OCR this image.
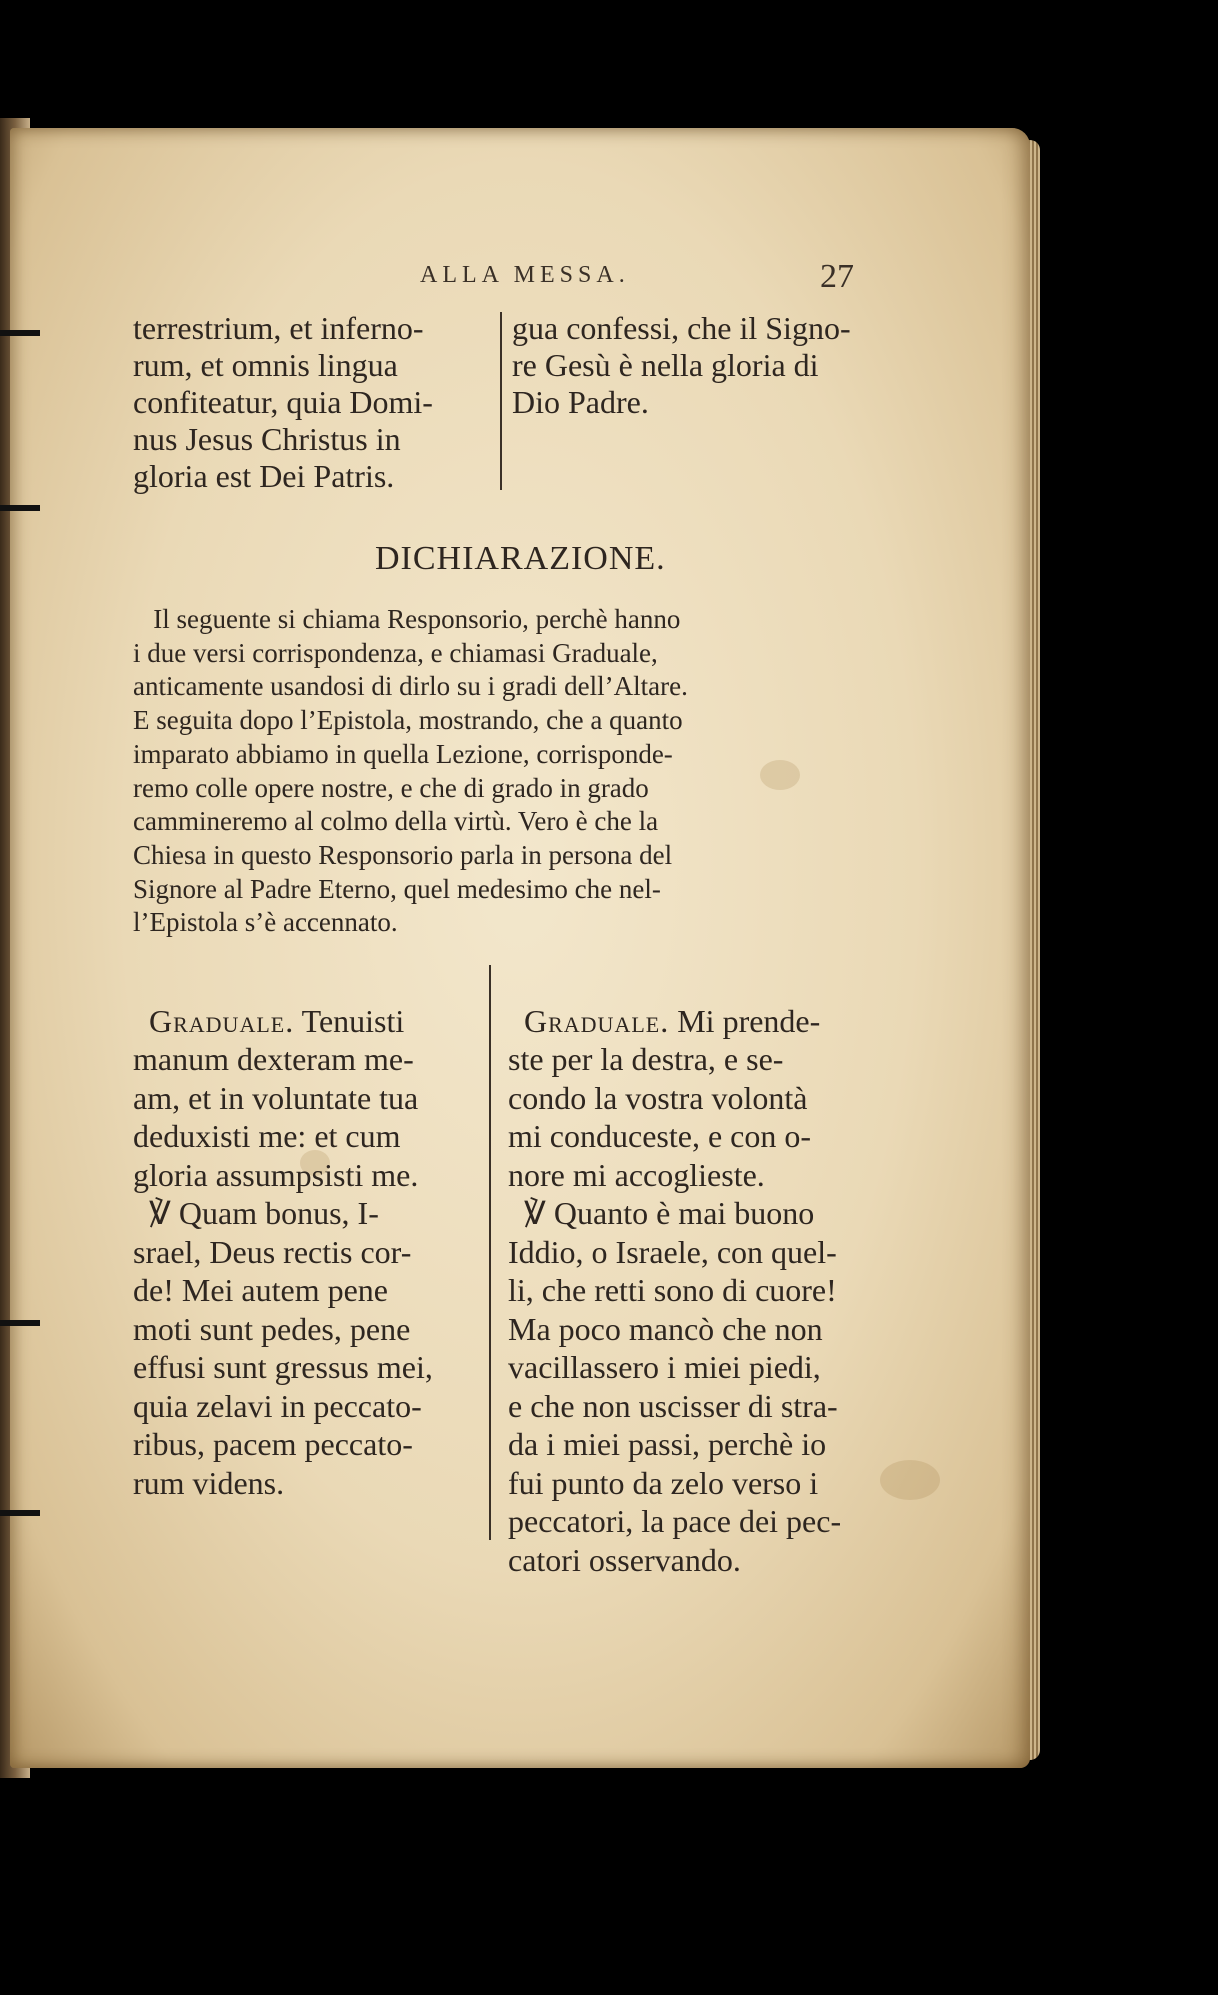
ALLA MESSA.	27
terrestrium, et inferno-
rum, et omnis lingua
confiteatur, quia Domi-
nus Jesus Christus in
gloria est Dei Patris.
gua confessi, che il Signo-
re Gesù è nella gloria di
Dio Padre.
DICHIARAZIONE.
Il seguente si chiama Responsorio, perchè hanno
i due versi corrispondenza, e chiamasi Graduale,
anticamente usandosi di dirlo su i gradi dell’Altare.
E seguita dopo l’Epistola, mostrando, che a quanto
imparato abbiamo in quella Lezione, corrisponde-
remo colle opere nostre, e che di grado in grado
cammineremo al colmo della virtù. Vero è che la
Chiesa in questo Responsorio parla in persona del
Signore al Padre Eterno, quel medesimo che nel-
l’Epistola s’è accennato.

Graduale. Tenuisti
manum dexteram me-
am, et in voluntate tua
deduxisti me: et cum
gloria assumpsisti me.
℣ Quam bonus, I-
srael, Deus rectis cor-
de! Mei autem pene
moti sunt pedes, pene
effusi sunt gressus mei,
quia zelavi in peccato-
ribus, pacem peccato-
rum videns.

Graduale. Mi prende-
ste per la destra, e se-
condo la vostra volontà
mi conduceste, e con o-
nore mi accoglieste.
℣ Quanto è mai buono
Iddio, o Israele, con quel-
li, che retti sono di cuore!
Ma poco mancò che non
vacillassero i miei piedi,
e che non uscisser di stra-
da i miei passi, perchè io
fui punto da zelo verso i
peccatori, la pace dei pec-
catori osservando.
